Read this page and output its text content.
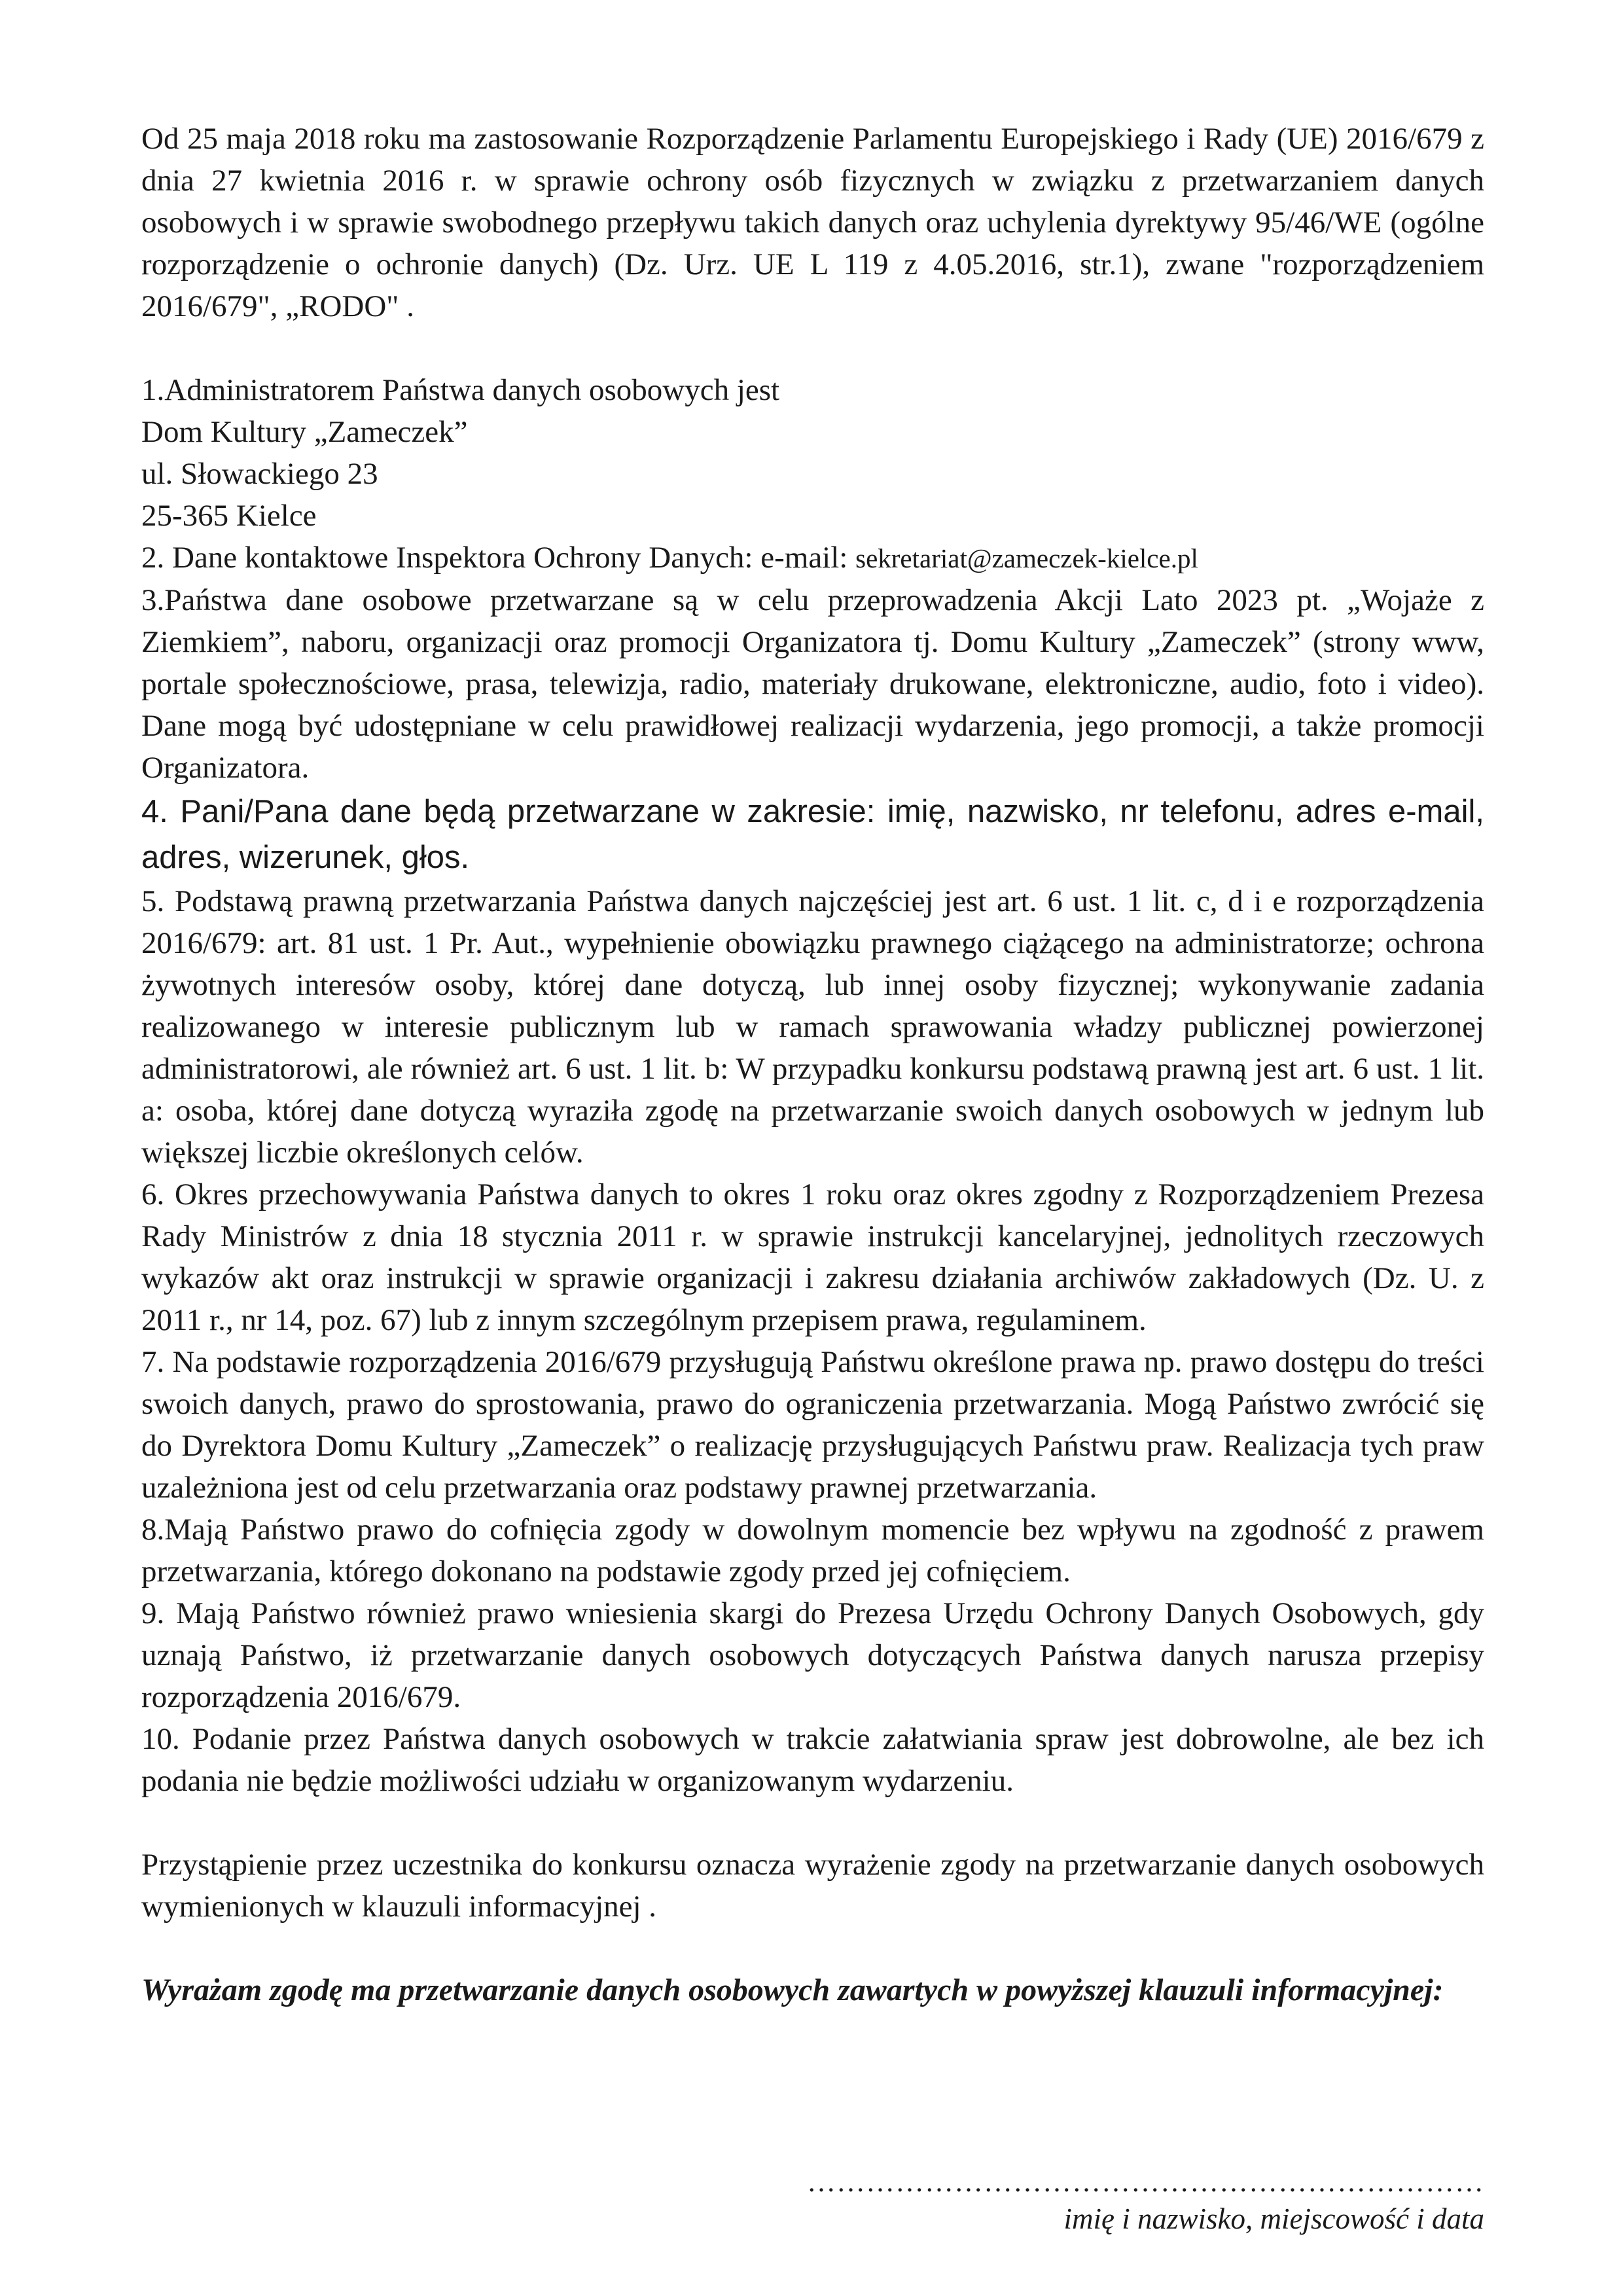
Od 25 maja 2018 roku ma zastosowanie Rozporządzenie Parlamentu Europejskiego i Rady (UE) 2016/679 z dnia 27 kwietnia 2016 r. w sprawie ochrony osób fizycznych w związku z przetwarzaniem danych osobowych i w sprawie swobodnego przepływu takich danych oraz uchylenia dyrektywy 95/46/WE (ogólne rozporządzenie o ochronie danych) (Dz. Urz. UE L 119 z 4.05.2016, str.1), zwane "rozporządzeniem 2016/679", „RODO" .

1.Administratorem Państwa danych osobowych jest

Dom Kultury „Zameczek”

ul. Słowackiego 23

25-365 Kielce

2. Dane kontaktowe Inspektora Ochrony Danych: e-mail: sekretariat@zameczek-kielce.pl

3.Państwa dane osobowe przetwarzane są w celu przeprowadzenia Akcji Lato 2023 pt. „Wojaże z Ziemkiem”, naboru, organizacji oraz promocji Organizatora tj. Domu Kultury „Zameczek” (strony www, portale społecznościowe, prasa, telewizja, radio, materiały drukowane, elektroniczne, audio, foto i video). Dane mogą być udostępniane w celu prawidłowej realizacji wydarzenia, jego promocji, a także promocji Organizatora.

4. Pani/Pana dane będą przetwarzane w zakresie: imię, nazwisko, nr telefonu, adres e-mail, adres, wizerunek, głos.

5. Podstawą prawną przetwarzania Państwa danych najczęściej jest art. 6 ust. 1 lit. c, d i e rozporządzenia 2016/679: art. 81 ust. 1 Pr. Aut., wypełnienie obowiązku prawnego ciążącego na administratorze; ochrona żywotnych interesów osoby, której dane dotyczą, lub innej osoby fizycznej; wykonywanie zadania realizowanego w interesie publicznym lub w ramach sprawowania władzy publicznej powierzonej administratorowi, ale również art. 6 ust. 1 lit. b: W przypadku konkursu podstawą prawną jest art. 6 ust. 1 lit. a: osoba, której dane dotyczą wyraziła zgodę na przetwarzanie swoich danych osobowych w jednym lub większej liczbie określonych celów.

6. Okres przechowywania Państwa danych to okres 1 roku oraz okres zgodny z Rozporządzeniem Prezesa Rady Ministrów z dnia 18 stycznia 2011 r. w sprawie instrukcji kancelaryjnej, jednolitych rzeczowych wykazów akt oraz instrukcji w sprawie organizacji i zakresu działania archiwów zakładowych (Dz. U. z 2011 r., nr 14, poz. 67) lub z innym szczególnym przepisem prawa, regulaminem.

7. Na podstawie rozporządzenia 2016/679 przysługują Państwu określone prawa np. prawo dostępu do treści swoich danych, prawo do sprostowania, prawo do ograniczenia przetwarzania. Mogą Państwo zwrócić się do Dyrektora Domu Kultury „Zameczek” o realizację przysługujących Państwu praw. Realizacja tych praw uzależniona jest od celu przetwarzania oraz podstawy prawnej przetwarzania.

8.Mają Państwo prawo do cofnięcia zgody w dowolnym momencie bez wpływu na zgodność z prawem przetwarzania, którego dokonano na podstawie zgody przed jej cofnięciem.

9. Mają Państwo również prawo wniesienia skargi do Prezesa Urzędu Ochrony Danych Osobowych, gdy uznają Państwo, iż przetwarzanie danych osobowych dotyczących Państwa danych narusza przepisy rozporządzenia 2016/679.

10. Podanie przez Państwa danych osobowych w trakcie załatwiania spraw jest dobrowolne, ale bez ich podania nie będzie możliwości udziału w organizowanym wydarzeniu.

Przystąpienie przez uczestnika do konkursu oznacza wyrażenie zgody na przetwarzanie danych osobowych wymienionych w klauzuli informacyjnej .

Wyrażam zgodę ma przetwarzanie danych osobowych zawartych w powyższej klauzuli informacyjnej:

……………………………………………………………
imię i nazwisko, miejscowość i data
